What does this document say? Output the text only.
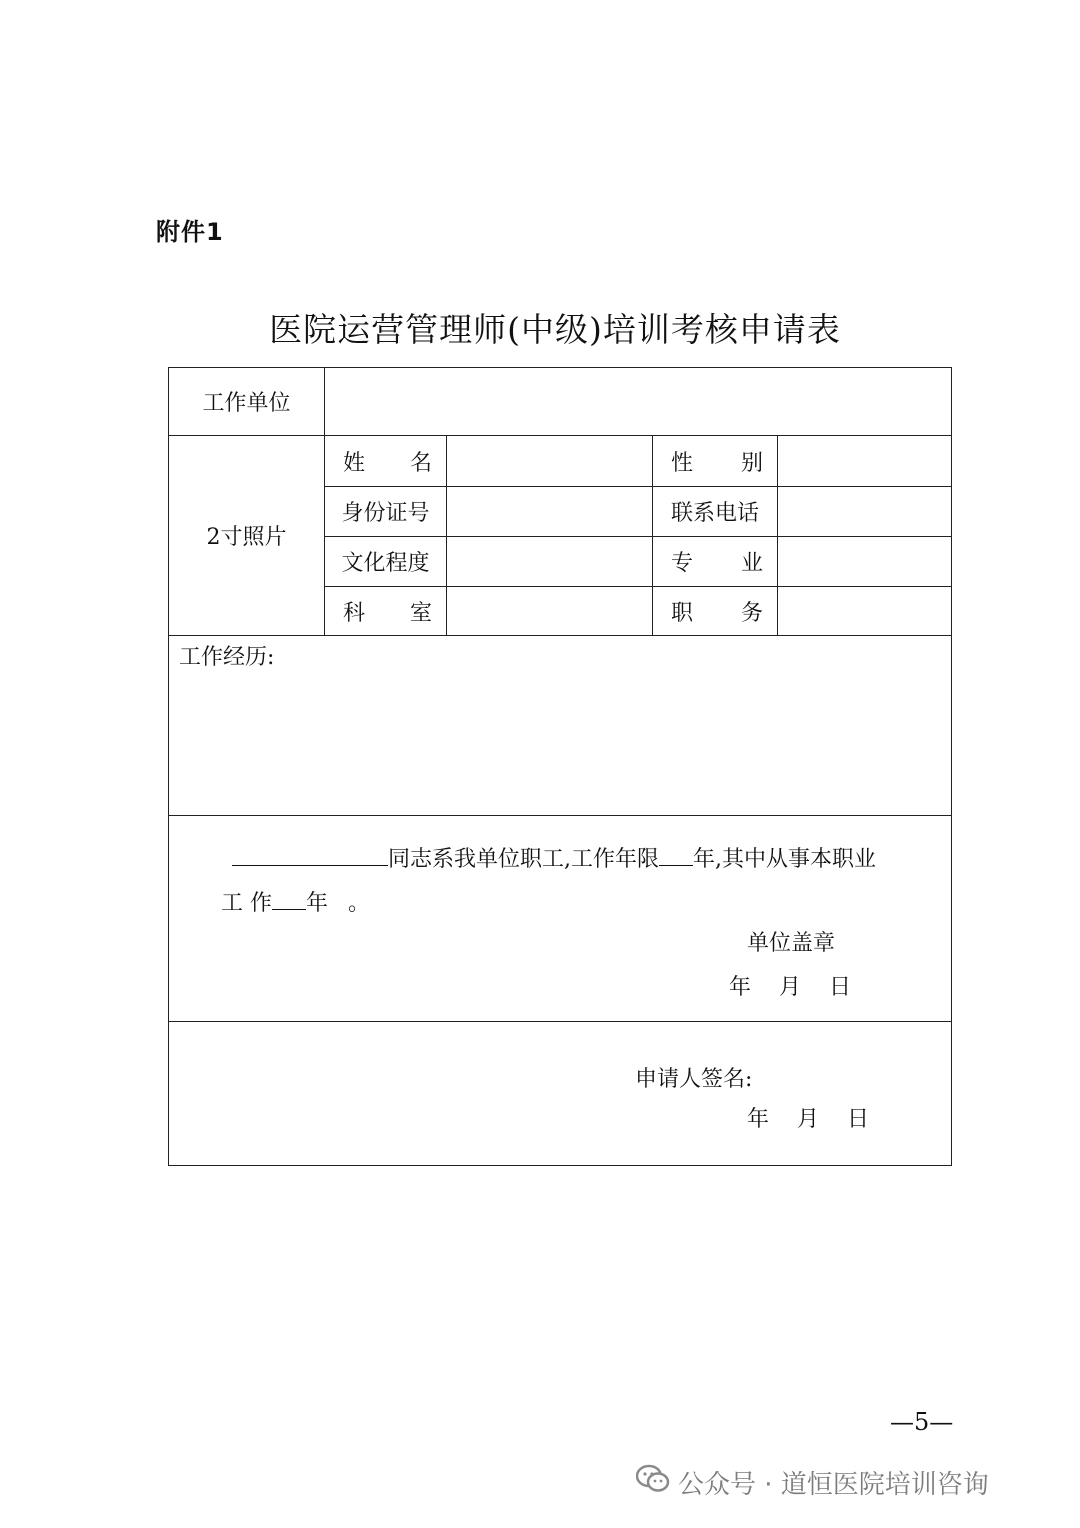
附件1
医院运营管理师(中级)培训考核申请表
工作单位				
2寸照片	姓 名		性 别	

	身份证号		联系电话	
	文化程度		专 业	

	科 室		职 务	

工作经历:				

同志系我单位职工,工作年限 年,其中从事本职业
工 作 年 。
单位盖章
年 月 日				

申请人签名:
年 月 日				
—5—
公众号 · 道恒医院培训咨询
